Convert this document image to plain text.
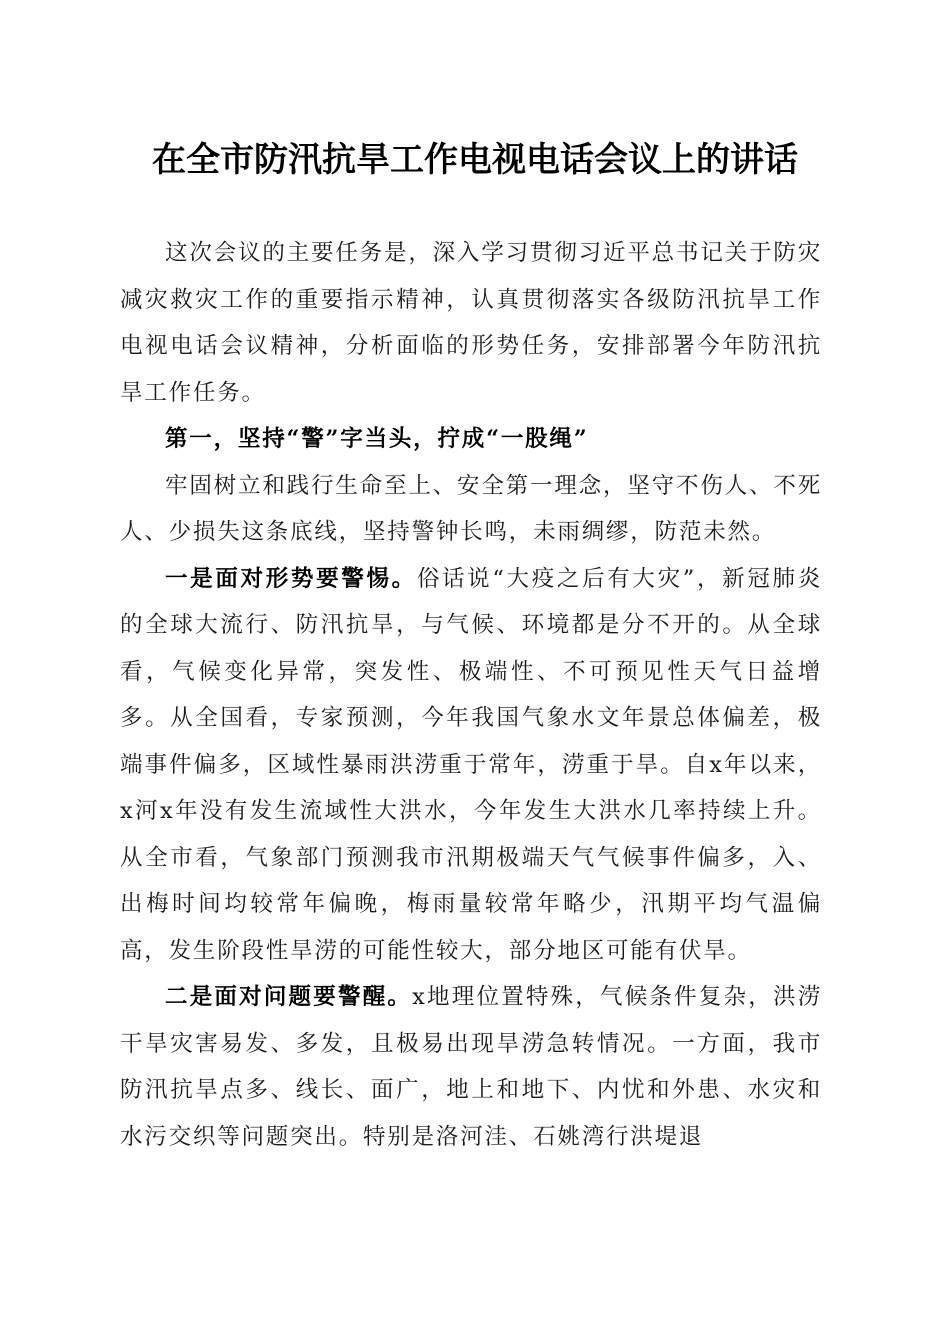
在全市防汛抗旱工作电视电话会议上的讲话

这次会议的主要任务是，深入学习贯彻习近平总书记关于防灾减灾救灾工作的重要指示精神，认真贯彻落实各级防汛抗旱工作电视电话会议精神，分析面临的形势任务，安排部署今年防汛抗旱工作任务。

第一，坚持“警”字当头，拧成“一股绳”

牢固树立和践行生命至上、安全第一理念，坚守不伤人、不死人、少损失这条底线，坚持警钟长鸣，未雨绸缪，防范未然。

一是面对形势要警惕。俗话说“大疫之后有大灾”，新冠肺炎的全球大流行、防汛抗旱，与气候、环境都是分不开的。从全球看，气候变化异常，突发性、极端性、不可预见性天气日益增多。从全国看，专家预测，今年我国气象水文年景总体偏差，极端事件偏多，区域性暴雨洪涝重于常年，涝重于旱。自x年以来，x河x年没有发生流域性大洪水，今年发生大洪水几率持续上升。从全市看，气象部门预测我市汛期极端天气气候事件偏多，入、出梅时间均较常年偏晚，梅雨量较常年略少，汛期平均气温偏高，发生阶段性旱涝的可能性较大，部分地区可能有伏旱。

二是面对问题要警醒。x地理位置特殊，气候条件复杂，洪涝干旱灾害易发、多发，且极易出现旱涝急转情况。一方面，我市防汛抗旱点多、线长、面广，地上和地下、内忧和外患、水灾和水污交织等问题突出。特别是洛河洼、石姚湾行洪堤退
